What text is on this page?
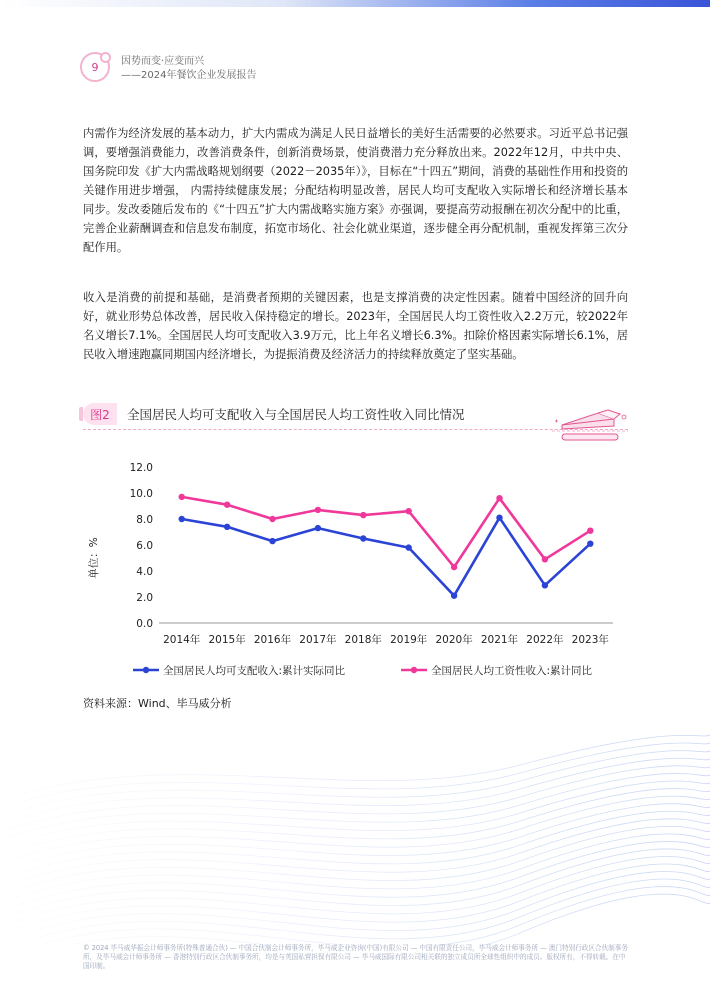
9 因势而变·应变而兴
——2024年餐饮企业发展报告

内需作为经济发展的基本动力，扩大内需成为满足人民日益增长的美好生活需要的必然要求。习近平总书记强调，要增强消费能力，改善消费条件，创新消费场景，使消费潜力充分释放出来。2022年12月，中共中央、国务院印发《扩大内需战略规划纲要（2022－2035年）》，目标在“十四五”期间，消费的基础性作用和投资的关键作用进步增强， 内需持续健康发展；分配结构明显改善，居民人均可支配收入实际增长和经济增长基本同步。发改委随后发布的《“十四五”扩大内需战略实施方案》亦强调，要提高劳动报酬在初次分配中的比重，完善企业薪酬调查和信息发布制度，拓宽市场化、社会化就业渠道，逐步健全再分配机制，重视发挥第三次分配作用。

收入是消费的前提和基础，是消费者预期的关键因素，也是支撑消费的决定性因素。随着中国经济的回升向好，就业形势总体改善，居民收入保持稳定的增长。2023年，全国居民人均工资性收入2.2万元，较2022年名义增长7.1%。全国居民人均可支配收入3.9万元，比上年名义增长6.3%。扣除价格因素实际增长6.1%，居民收入增速跑赢同期国内经济增长，为提振消费及经济活力的持续释放奠定了坚实基础。

图2	全国居民人均可支配收入与全国居民人均工资性收入同比情况
0.0
2.0
4.0
6.0
8.0
10.0
12.0
2014年 2015年 2016年 2017年 2018年 2019年 2020年 2021年 2022年 2023年
单位：%
全国居民人均可支配收入:累计实际同比	全国居民人均工资性收入:累计同比
资料来源：Wind、毕马威分析
© 2024 毕马威华振会计师事务所(特殊普通合伙) — 中国合伙制会计师事务所，毕马威企业咨询(中国)有限公司 — 中国有限责任公司，毕马威会计师事务所 — 澳门特别行政区合伙制事务所，及毕马威会计师事务所 — 香港特别行政区合伙制事务所，均是与英国私营担保有限公司 — 毕马威国际有限公司相关联的独立成员所全球性组织中的成员。版权所有，不得转载。在中国印制。
